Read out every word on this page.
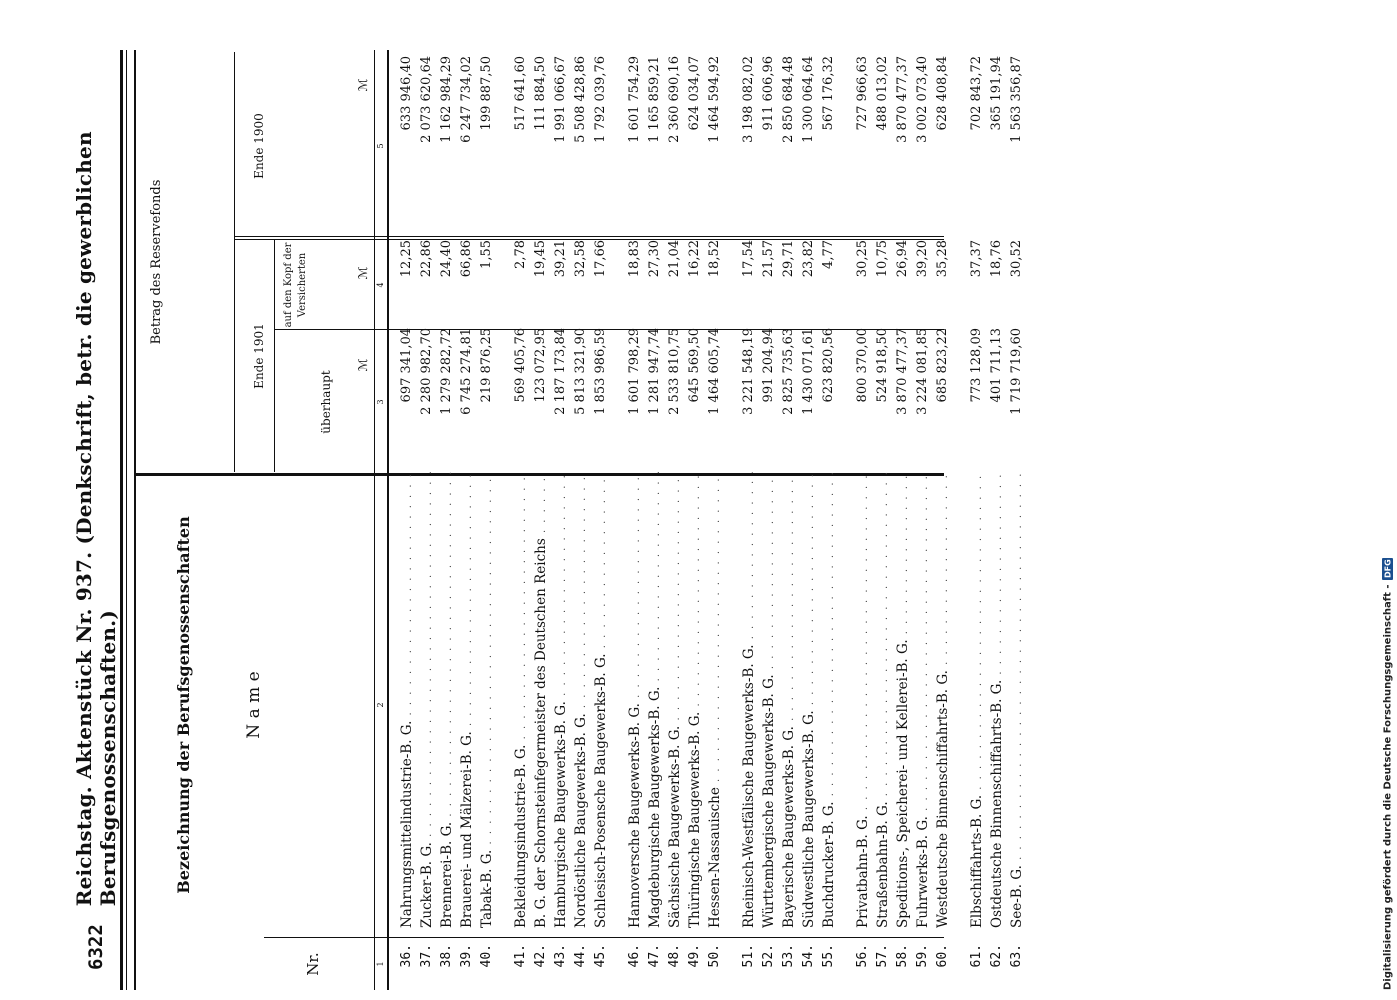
Digitalisierung gefördert durch die Deutsche Forschungsgemeinschaft -
DFG
6322
Reichstag. Aktenstück Nr. 937. (Denkschrift, betr. die gewerblichen Berufsgenossenschaften.)
Nr.
Bezeichnung der Berufsgenossenschaften	N a m e
Betrag des Reservefonds
Ende 1901
überhaupt
auf den Kopf der Versicherten
Ende 1900
ℳ
ℳ
ℳ
1
2
3
4
5
36.
Nahrungsmittelindustrie-B. G. . . .
697 341,04
12,25
633 946,40
37.
Zucker-B. G. . . .
2 280 982,70
22,86
2 073 620,64
38.
Brennerei-B. G. . . .
1 279 282,72
24,40
1 162 984,29
39.
Brauerei- und Mälzerei-B. G. . . .
6 745 274,81
66,86
6 247 734,02
40.
Tabak-B. G. . . .
219 876,25
1,55
199 887,50
41.
Bekleidungsindustrie-B. G. . . .
569 405,76
2,78
517 641,60
42.
B. G. der Schornsteinfegermeister des Deutschen Reichs . . .
123 072,95
19,45
111 884,50
43.
Hamburgische Baugewerks-B. G. . . .
2 187 173,84
39,21
1 991 066,67
44.
Nordöstliche Baugewerks-B. G. . . .
5 813 321,90
32,58
5 508 428,86
45.
Schlesisch-Posensche Baugewerks-B. G. . . .
1 853 986,59
17,66
1 792 039,76
46.
Hannoversche Baugewerks-B. G. . . .
1 601 798,29
18,83
1 601 754,29
47.
Magdeburgische Baugewerks-B. G. . . .
1 281 947,74
27,30
1 165 859,21
48.
Sächsische Baugewerks-B. G. . . .
2 533 810,75
21,04
2 360 690,16
49.
Thüringische Baugewerks-B. G. . . .
645 569,50
16,22
624 034,07
50.
Hessen-Nassauische . . .
1 464 605,74
18,52
1 464 594,92
51.
Rheinisch-Westfälische Baugewerks-B. G. . . .
3 221 548,19
17,54
3 198 082,02
52.
Württembergische Baugewerks-B. G. . . .
991 204,94
21,57
911 606,96
53.
Bayerische Baugewerks-B. G. . . .
2 825 735,63
29,71
2 850 684,48
54.
Südwestliche Baugewerks-B. G. . . .
1 430 071,61
23,82
1 300 064,64
55.
Buchdrucker-B. G. . . .
623 820,56
4,77
567 176,32
56.
Privatbahn-B. G. . . .
800 370,00
30,25
727 966,63
57.
Straßenbahn-B. G. . . .
524 918,50
10,75
488 013,02
58.
Speditions-, Speicherei- und Kellerei-B. G. . . .
3 870 477,37
26,94
3 870 477,37
59.
Fuhrwerks-B. G. . . .
3 224 081,85
39,20
3 002 073,40
60.
Westdeutsche Binnenschiffahrts-B. G. . . .
685 823,22
35,28
628 408,84
61.
Elbschiffahrts-B. G. . . .
773 128,09
37,37
702 843,72
62.
Ostdeutsche Binnenschiffahrts-B. G. . . .
401 711,13
18,76
365 191,94
63.
See-B. G. . . .
1 719 719,60
30,52
1 563 356,87
